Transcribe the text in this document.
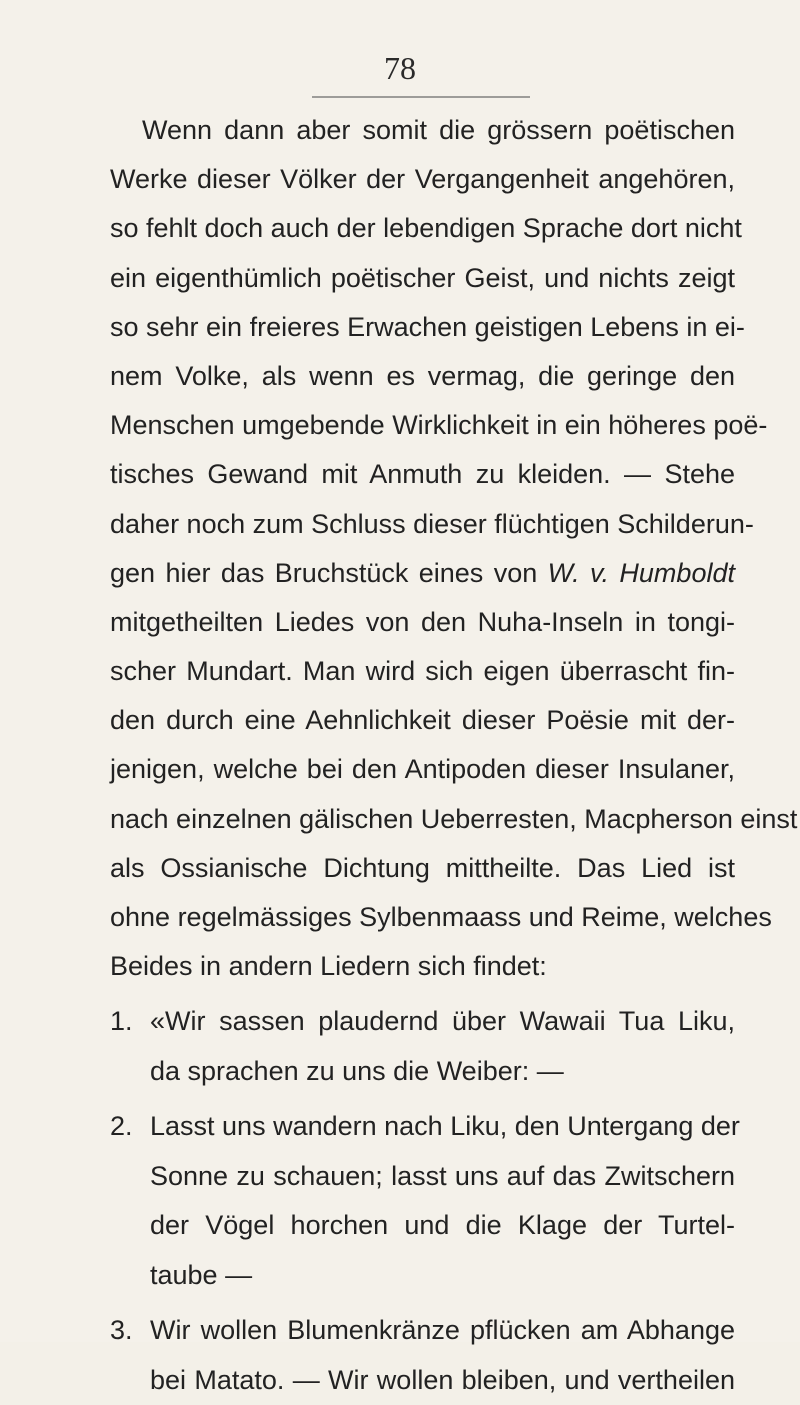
78
Wenn dann aber somit die grössern poëtischen
Werke dieser Völker der Vergangenheit angehören,
so fehlt doch auch der lebendigen Sprache dort nicht
ein eigenthümlich poëtischer Geist, und nichts zeigt
so sehr ein freieres Erwachen geistigen Lebens in ei-
nem Volke, als wenn es vermag, die geringe den
Menschen umgebende Wirklichkeit in ein höheres poë-
tisches Gewand mit Anmuth zu kleiden. — Stehe
daher noch zum Schluss dieser flüchtigen Schilderun-
gen hier das Bruchstück eines von W. v. Humboldt
mitgetheilten Liedes von den Nuha-Inseln in tongi-
scher Mundart. Man wird sich eigen überrascht fin-
den durch eine Aehnlichkeit dieser Poësie mit der-
jenigen, welche bei den Antipoden dieser Insulaner,
nach einzelnen gälischen Ueberresten, Macpherson einst
als Ossianische Dichtung mittheilte. Das Lied ist
ohne regelmässiges Sylbenmaass und Reime, welches
Beides in andern Liedern sich findet:
1. «Wir sassen plaudernd über Wawaii Tua Liku,
da sprachen zu uns die Weiber: —
2. Lasst uns wandern nach Liku, den Untergang der
Sonne zu schauen; lasst uns auf das Zwitschern
der Vögel horchen und die Klage der Turtel-
taube —
3. Wir wollen Blumenkränze pflücken am Abhange
bei Matato. — Wir wollen bleiben, und vertheilen
